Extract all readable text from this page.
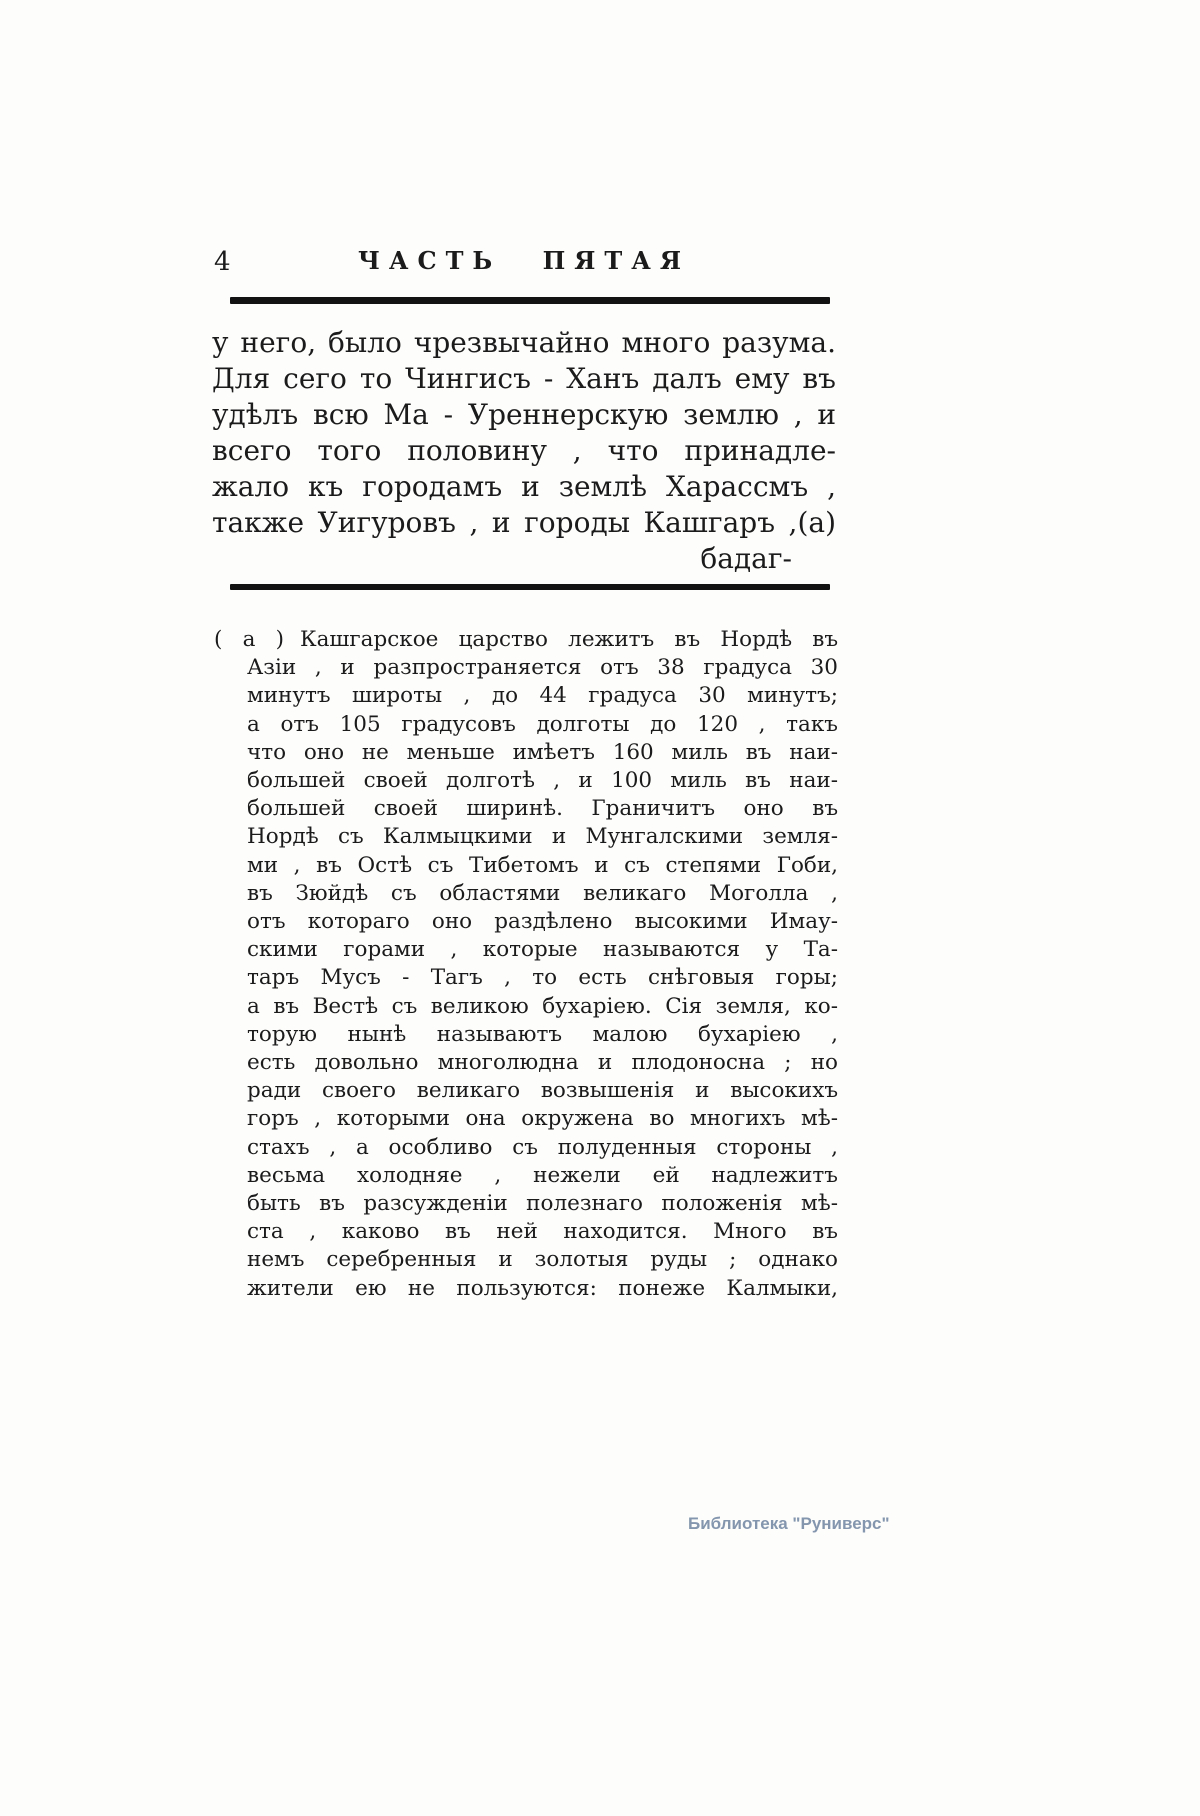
4	ЧАСТЬ ПЯТАЯ
у него, было чрезвычайно много разума.
Для сего то Чингисъ - Ханъ далъ ему въ
удѣлъ всю Ма - Уреннерскую землю , и
всего того половину , что принадле-
жало къ городамъ и землѣ Харассмъ ,
также Уигуровъ , и городы Кашгаръ ,(а)
бадаг-
( а ) Кашгарское царство лежитъ въ Нордѣ въ
Азіи , и разпространяется отъ 38 градуса 30
минутъ широты , до 44 градуса 30 минутъ;
а отъ 105 градусовъ долготы до 120 , такъ
что оно не меньше имѣетъ 160 миль въ наи-
большей своей долготѣ , и 100 миль въ наи-
большей своей ширинѣ. Граничитъ оно въ
Нордѣ съ Калмыцкими и Мунгалскими земля-
ми , въ Остѣ съ Тибетомъ и съ степями Гоби,
въ Зюйдѣ съ областями великаго Моголла ,
отъ котораго оно раздѣлено высокими Имау-
скими горами , которые называются у Та-
таръ Мусъ - Тагъ , то есть снѣговыя горы;
а въ Вестѣ съ великою бухаріею. Сія земля, ко-
торую нынѣ называютъ малою бухаріею ,
есть довольно многолюдна и плодоносна ; но
ради своего великаго возвышенія и высокихъ
горъ , которыми она окружена во многихъ мѣ-
стахъ , а особливо съ полуденныя стороны ,
весьма холодняе , нежели ей надлежитъ
быть въ разсужденіи полезнаго положенія мѣ-
ста , каково въ ней находится. Много въ
немъ серебренныя и золотыя руды ; однако
жители ею не пользуются: понеже Калмыки,
Библиотека "Руниверс"
